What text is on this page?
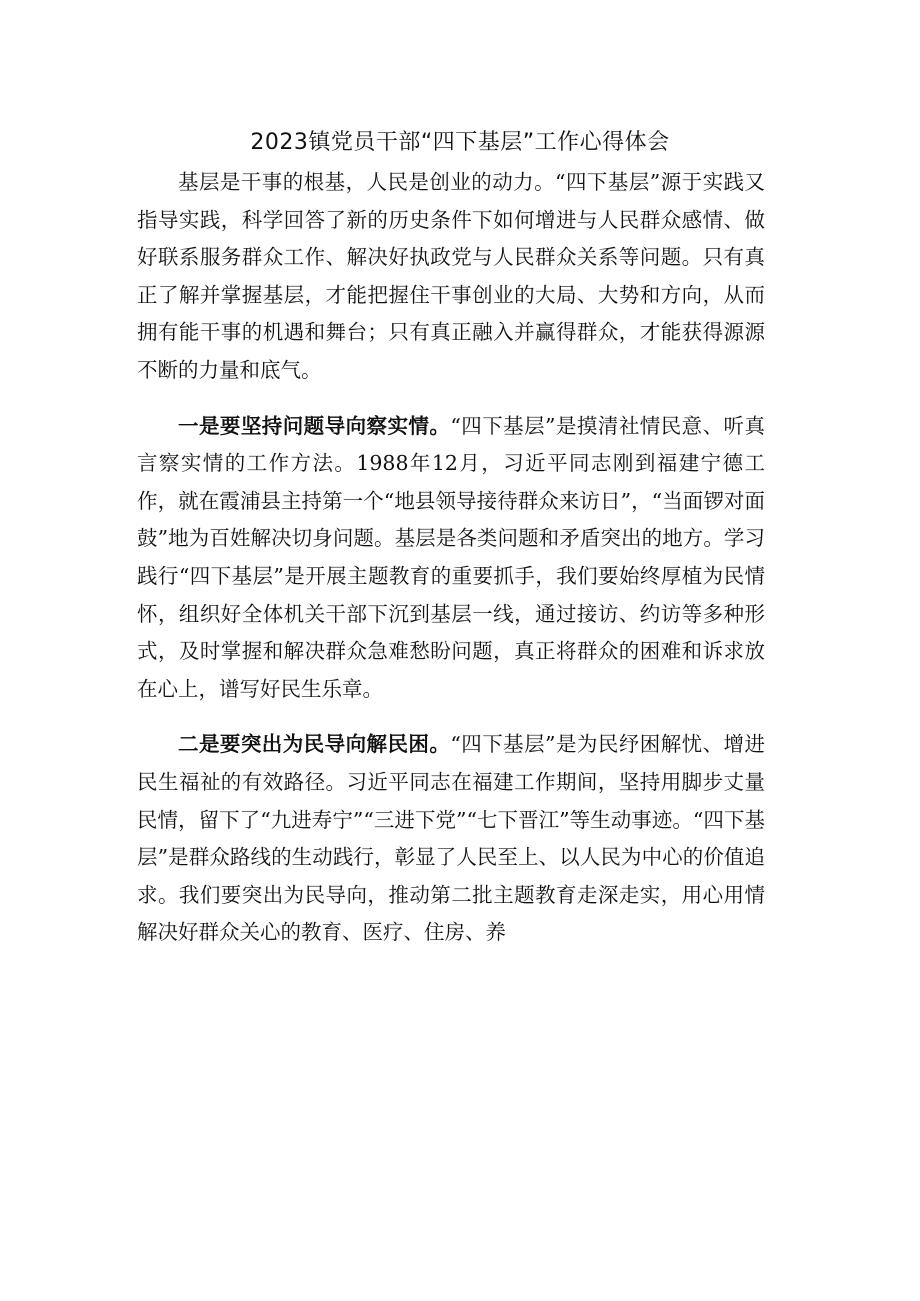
2023镇党员干部“四下基层”工作心得体会

基层是干事的根基，人民是创业的动力。“四下基层”源于实践又指导实践，科学回答了新的历史条件下如何增进与人民群众感情、做好联系服务群众工作、解决好执政党与人民群众关系等问题。只有真正了解并掌握基层，才能把握住干事创业的大局、大势和方向，从而拥有能干事的机遇和舞台；只有真正融入并赢得群众，才能获得源源不断的力量和底气。

一是要坚持问题导向察实情。“四下基层”是摸清社情民意、听真言察实情的工作方法。1988年12月，习近平同志刚到福建宁德工作，就在霞浦县主持第一个“地县领导接待群众来访日”，“当面锣对面鼓”地为百姓解决切身问题。基层是各类问题和矛盾突出的地方。学习践行“四下基层”是开展主题教育的重要抓手，我们要始终厚植为民情怀，组织好全体机关干部下沉到基层一线，通过接访、约访等多种形式，及时掌握和解决群众急难愁盼问题，真正将群众的困难和诉求放在心上，谱写好民生乐章。

二是要突出为民导向解民困。“四下基层”是为民纾困解忧、增进民生福祉的有效路径。习近平同志在福建工作期间，坚持用脚步丈量民情，留下了“九进寿宁”“三进下党”“七下晋江”等生动事迹。“四下基层”是群众路线的生动践行，彰显了人民至上、以人民为中心的价值追求。我们要突出为民导向，推动第二批主题教育走深走实，用心用情解决好群众关心的教育、医疗、住房、养
